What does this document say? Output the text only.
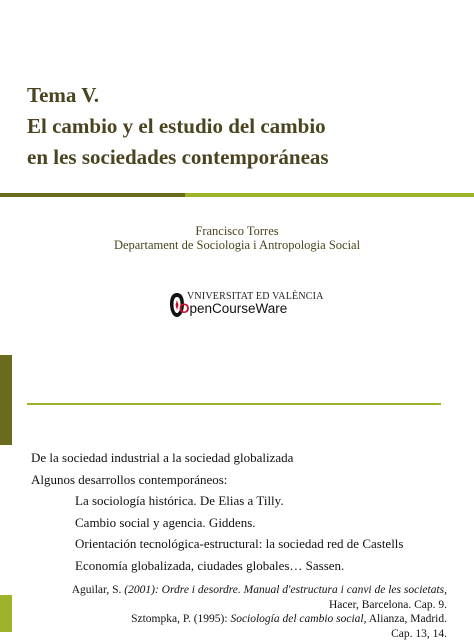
Tema V.
El cambio y el estudio del cambio
en les sociedades contemporáneas
Francisco Torres
Departament de Sociologia i Antropologia Social
VNIVERSITAT ED VALÈNCIA
OpenCourseWare
De la sociedad industrial a la sociedad globalizada
Algunos desarrollos contemporáneos:
La sociología histórica. De Elias a Tilly.
Cambio social y agencia. Giddens.
Orientación tecnológica-estructural: la sociedad red de Castells
Economía globalizada, ciudades globales… Sassen.
Aguilar, S. (2001): Ordre i desordre. Manual d'estructura i canvi de les societats,
Hacer, Barcelona. Cap. 9.
Sztompka, P. (1995): Sociología del cambio social, Alianza, Madrid.
Cap. 13, 14.
